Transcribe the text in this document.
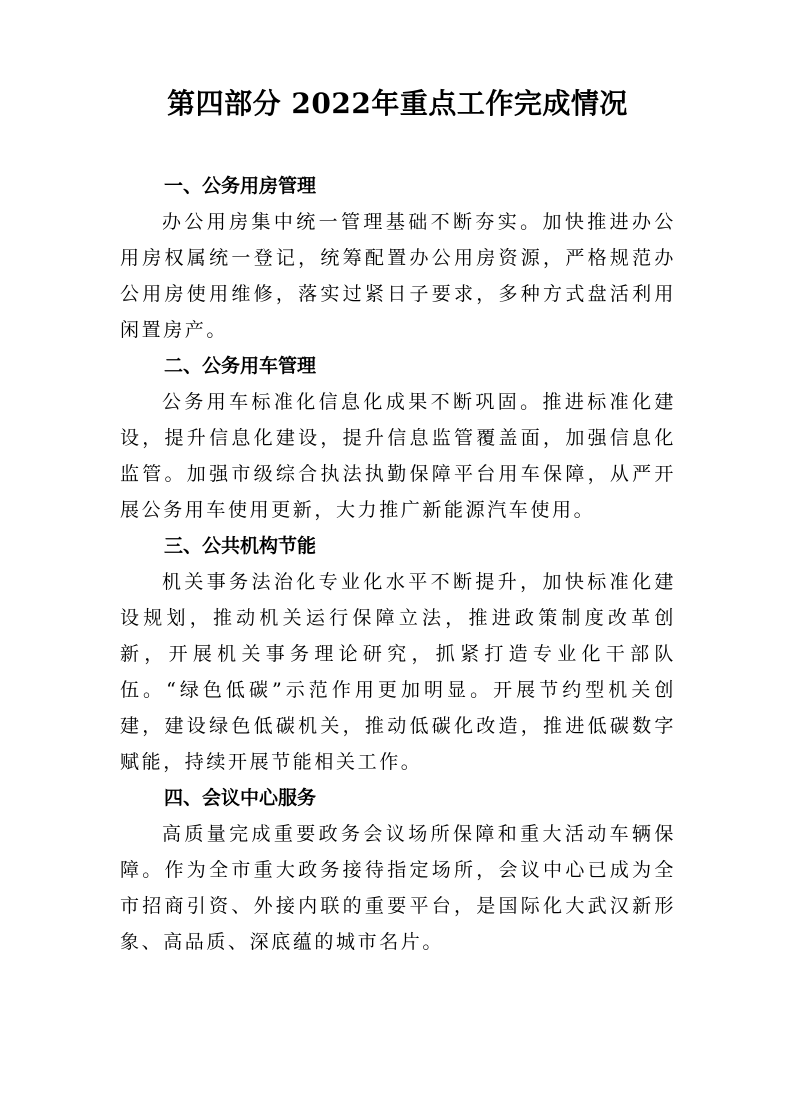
第四部分 2022年重点工作完成情况

一、公务用房管理

办公用房集中统一管理基础不断夯实。加快推进办公用房权属统一登记，统筹配置办公用房资源，严格规范办公用房使用维修，落实过紧日子要求，多种方式盘活利用闲置房产。

二、公务用车管理

公务用车标准化信息化成果不断巩固。推进标准化建设，提升信息化建设，提升信息监管覆盖面，加强信息化监管。加强市级综合执法执勤保障平台用车保障，从严开展公务用车使用更新，大力推广新能源汽车使用。

三、公共机构节能

机关事务法治化专业化水平不断提升，加快标准化建设规划，推动机关运行保障立法，推进政策制度改革创新，开展机关事务理论研究，抓紧打造专业化干部队伍。“绿色低碳”示范作用更加明显。开展节约型机关创建，建设绿色低碳机关，推动低碳化改造，推进低碳数字赋能，持续开展节能相关工作。

四、会议中心服务

高质量完成重要政务会议场所保障和重大活动车辆保障。作为全市重大政务接待指定场所，会议中心已成为全市招商引资、外接内联的重要平台，是国际化大武汉新形象、高品质、深底蕴的城市名片。
